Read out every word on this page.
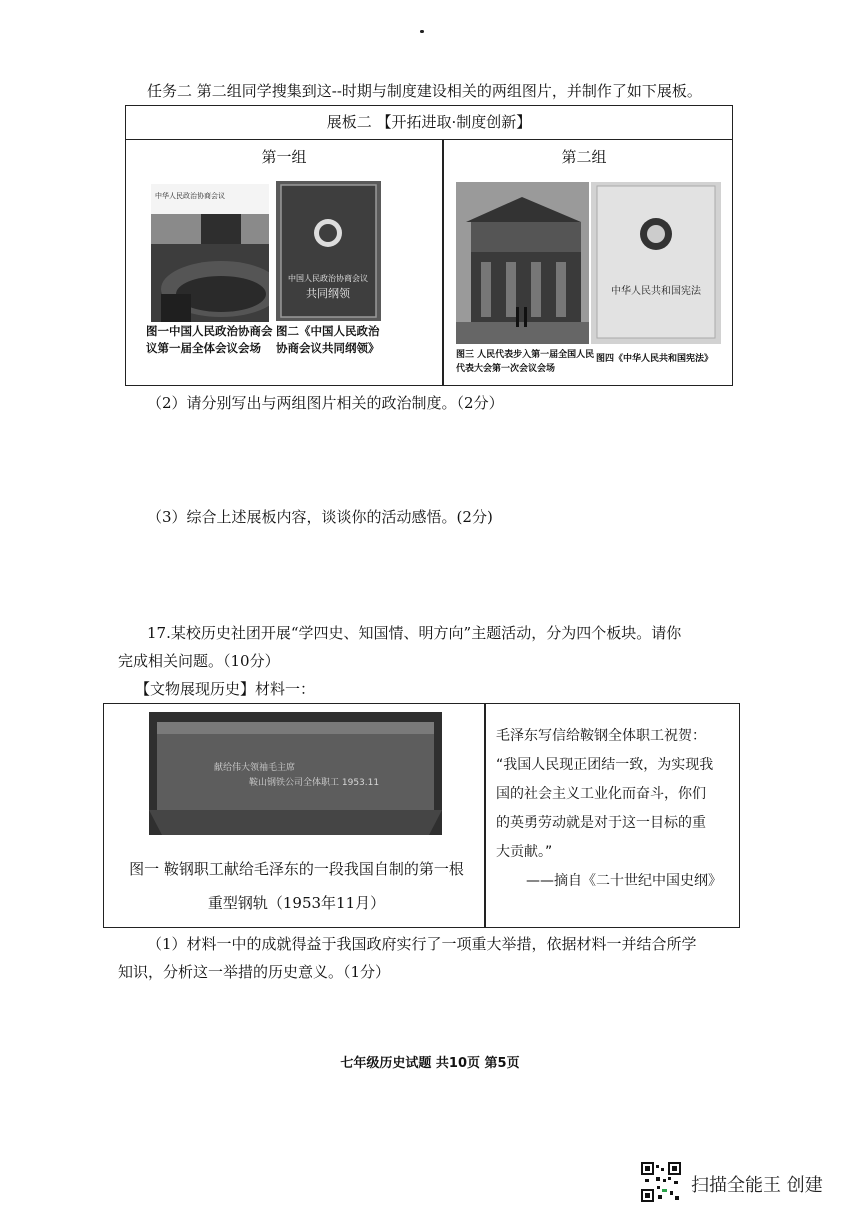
任务二 第二组同学搜集到这--时期与制度建设相关的两组图片，并制作了如下展板。
展板二 【开拓进取·制度创新】
第一组	第二组
中华人民政治协商会议
中国人民政治协商会议
共同纲领
图一中国人民政治协商会
议第一届全体会议会场
图二《中国人民政治
协商会议共同纲领》
中华人民共和国宪法
图三 人民代表步入第一届全国人民
代表大会第一次会议会场
图四《中华人民共和国宪法》
（2）请分别写出与两组图片相关的政治制度。（2分）
（3）综合上述展板内容，谈谈你的活动感悟。(2分)
17.某校历史社团开展“学四史、知国情、明方向”主题活动，分为四个板块。请你
完成相关问题。（10分）
【文物展现历史】材料一：
献给伟大领袖毛主席
鞍山钢铁公司全体职工 1953.11
图一 鞍钢职工献给毛泽东的一段我国自制的第一根
重型钢轨（1953年11月）
毛泽东写信给鞍钢全体职工祝贺：
“我国人民现正团结一致，为实现我
国的社会主义工业化而奋斗，你们
的英勇劳动就是对于这一目标的重
大贡献。”
——摘自《二十世纪中国史纲》
（1）材料一中的成就得益于我国政府实行了一项重大举措，依据材料一并结合所学
知识，分析这一举措的历史意义。（1分）
七年级历史试题 共10页 第5页
扫描全能王 创建
